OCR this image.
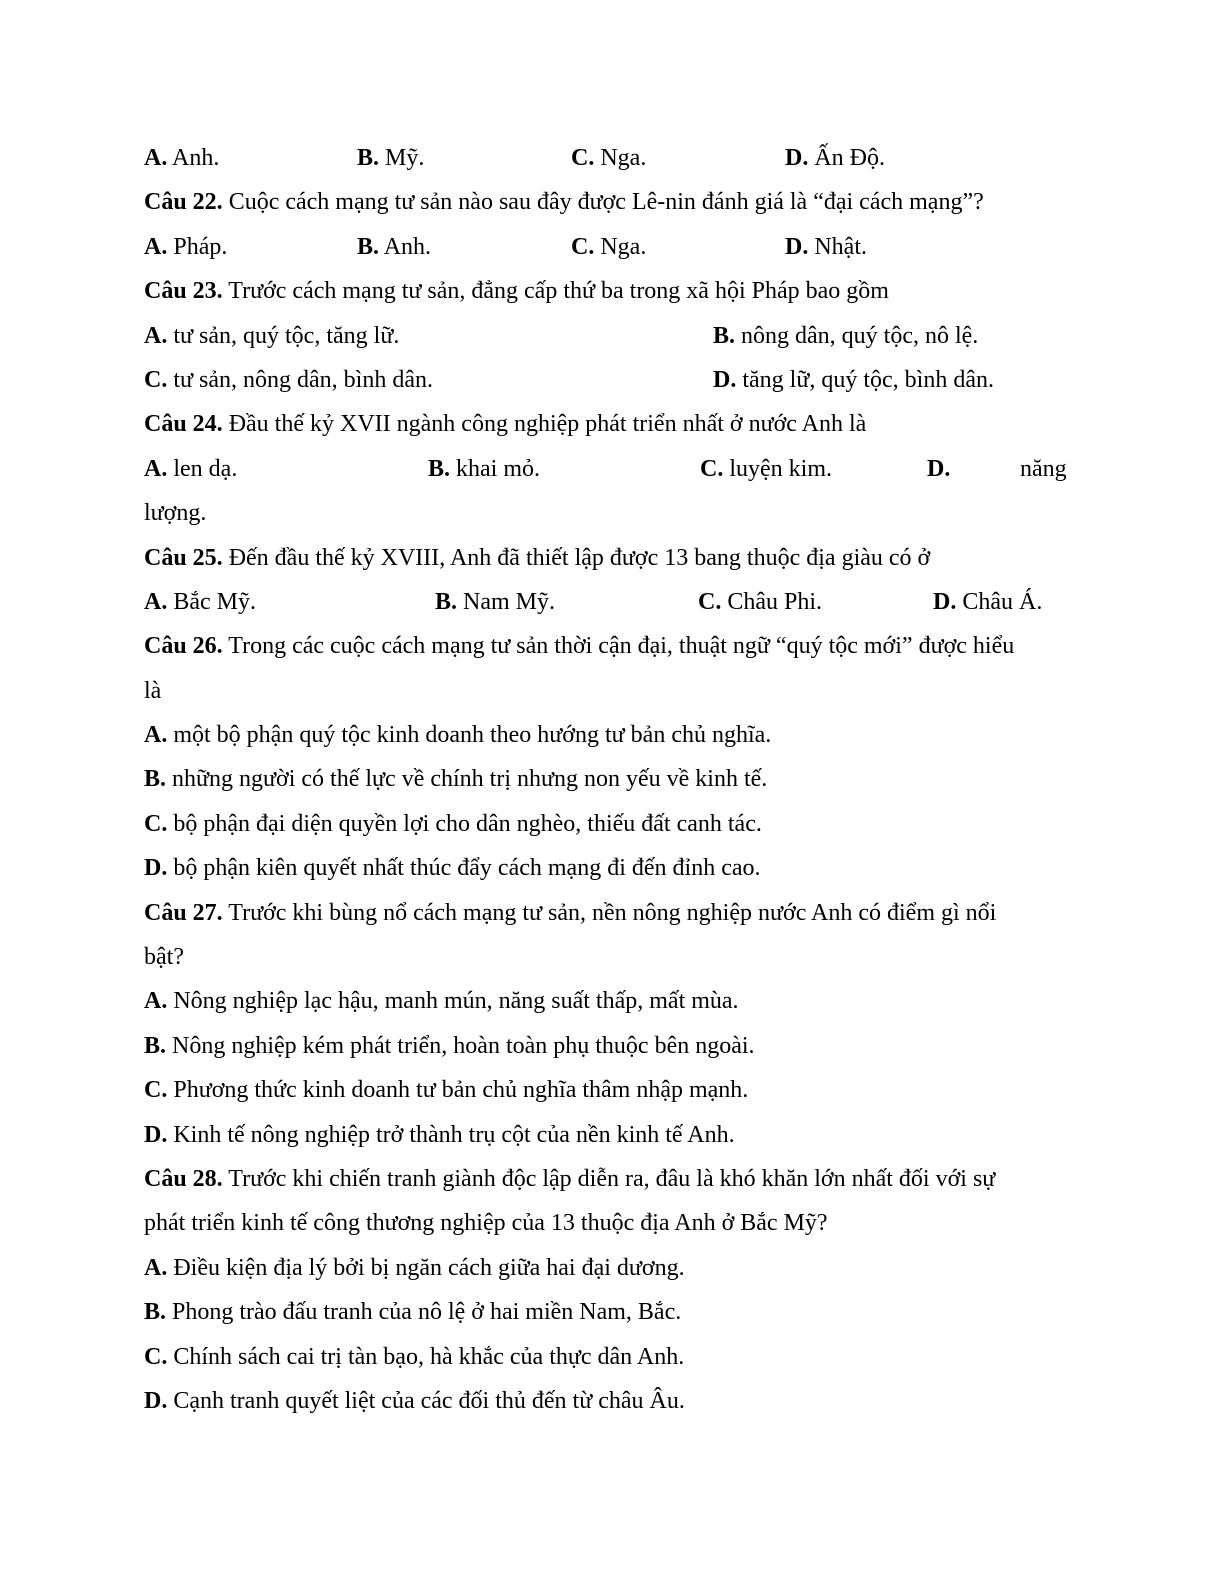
A. Anh.	B. Mỹ.	C. Nga.	D. Ấn Độ.
Câu 22. Cuộc cách mạng tư sản nào sau đây được Lê-nin đánh giá là “đại cách mạng”?
A. Pháp.	B. Anh.	C. Nga.	D. Nhật.
Câu 23. Trước cách mạng tư sản, đẳng cấp thứ ba trong xã hội Pháp bao gồm
A. tư sản, quý tộc, tăng lữ.	B. nông dân, quý tộc, nô lệ.
C. tư sản, nông dân, bình dân.	D. tăng lữ, quý tộc, bình dân.
Câu 24. Đầu thế kỷ XVII ngành công nghiệp phát triển nhất ở nước Anh là
A. len dạ.	B. khai mỏ.	C. luyện kim.	D.	năng
lượng.
Câu 25. Đến đầu thế kỷ XVIII, Anh đã thiết lập được 13 bang thuộc địa giàu có ở
A. Bắc Mỹ.	B. Nam Mỹ.	C. Châu Phi.	D. Châu Á.
Câu 26. Trong các cuộc cách mạng tư sản thời cận đại, thuật ngữ “quý tộc mới” được hiểu
là
A. một bộ phận quý tộc kinh doanh theo hướng tư bản chủ nghĩa.
B. những người có thế lực về chính trị nhưng non yếu về kinh tế.
C. bộ phận đại diện quyền lợi cho dân nghèo, thiếu đất canh tác.
D. bộ phận kiên quyết nhất thúc đẩy cách mạng đi đến đỉnh cao.
Câu 27. Trước khi bùng nổ cách mạng tư sản, nền nông nghiệp nước Anh có điểm gì nổi
bật?
A. Nông nghiệp lạc hậu, manh mún, năng suất thấp, mất mùa.
B. Nông nghiệp kém phát triển, hoàn toàn phụ thuộc bên ngoài.
C. Phương thức kinh doanh tư bản chủ nghĩa thâm nhập mạnh.
D. Kinh tế nông nghiệp trở thành trụ cột của nền kinh tế Anh.
Câu 28. Trước khi chiến tranh giành độc lập diễn ra, đâu là khó khăn lớn nhất đối với sự
phát triển kinh tế công thương nghiệp của 13 thuộc địa Anh ở Bắc Mỹ?
A. Điều kiện địa lý bởi bị ngăn cách giữa hai đại dương.
B. Phong trào đấu tranh của nô lệ ở hai miền Nam, Bắc.
C. Chính sách cai trị tàn bạo, hà khắc của thực dân Anh.
D. Cạnh tranh quyết liệt của các đối thủ đến từ châu Âu.
